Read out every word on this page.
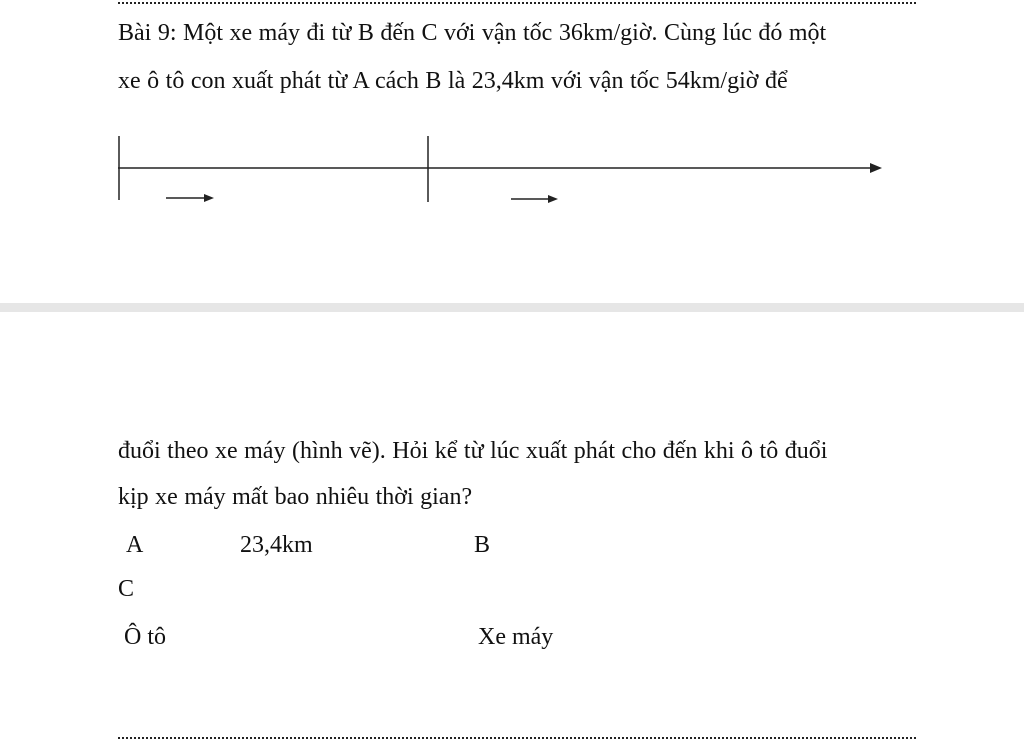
Bài 9: Một xe máy đi từ B đến C với vận tốc 36km/giờ. Cùng lúc đó một
xe ô tô con xuất phát từ A cách B là 23,4km với vận tốc 54km/giờ để
đuổi theo xe máy (hình vẽ). Hỏi kể từ lúc xuất phát cho đến khi ô tô đuổi
kịp xe máy mất bao nhiêu thời gian?
A	23,4km	B
C
Ô tô	Xe máy
